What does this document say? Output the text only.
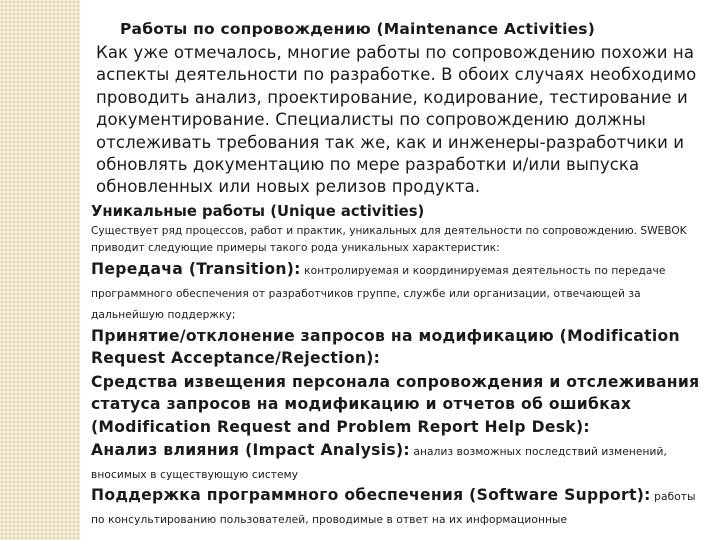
Работы по сопровождению (Maintenance Activities)
Как уже отмечалось, многие работы по сопровождению похожи на аспекты деятельности по разработке. В обоих случаях необходимо проводить анализ, проектирование, кодирование, тестирование и документирование. Специалисты по сопровождению должны отслеживать требования так же, как и инженеры-разработчики и обновлять документацию по мере разработки и/или выпуска обновленных или новых релизов продукта.
Уникальные работы (Unique activities)
Существует ряд процессов, работ и практик, уникальных для деятельности по сопровождению. SWEBOK приводит следующие примеры такого рода уникальных характеристик:
Передача (Transition): контролируемая и координируемая деятельность по передаче программного обеспечения от разработчиков группе, службе или организации, отвечающей за дальнейшую поддержку;
Принятие/отклонение запросов на модификацию (Modification Request Acceptance/Rejection):
Средства извещения персонала сопровождения и отслеживания статуса запросов на модификацию и отчетов об ошибках (Modification Request and Problem Report Help Desk):
Анализ влияния (Impact Analysis): анализ возможных последствий изменений, вносимых в существующую систему
Поддержка программного обеспечения (Software Support): работы по консультированию пользователей, проводимые в ответ на их информационные
